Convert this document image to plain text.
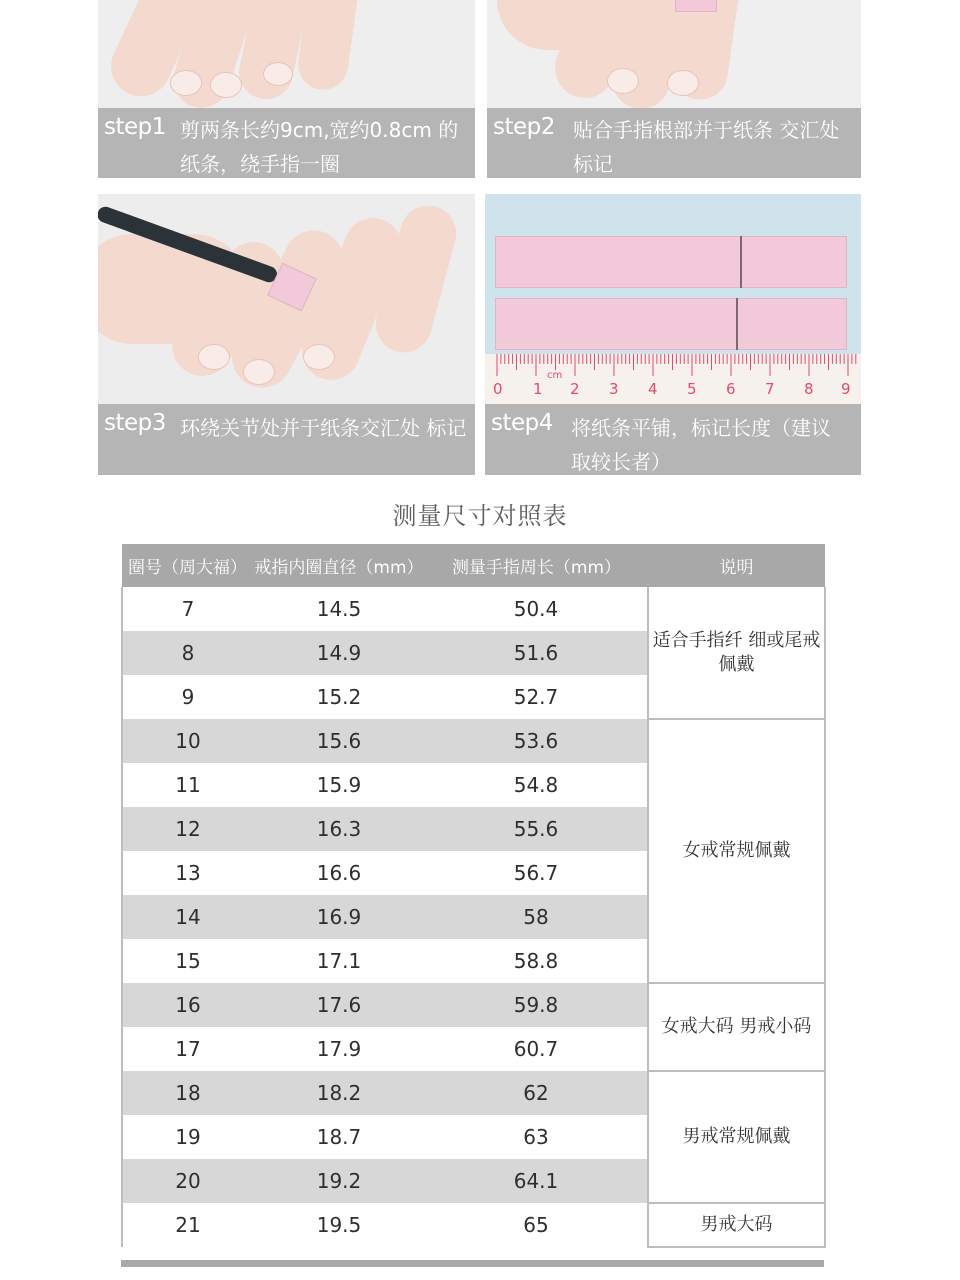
step1 剪两条长约9cm,宽约0.8cm 的纸条，绕手指一圈
step2 贴合手指根部并于纸条 交汇处标记
step3 环绕关节处并于纸条交汇处 标记
0 1
cm
2 3 4 5 6 7 8 9
step4 将纸条平铺，标记长度（建议 取较长者）
测量尺寸对照表
圈号（周大福）	戒指内圈直径（mm）	测量手指周长（mm）	说明
7	14.5	50.4	适合手指纤 细或尾戒佩戴
8	14.9	51.6	
9	15.2	52.7	
10	15.6	53.6	女戒常规佩戴
11	15.9	54.8	
12	16.3	55.6	
13	16.6	56.7	
14	16.9	58	
15	17.1	58.8	
16	17.6	59.8	女戒大码 男戒小码
17	17.9	60.7	
18	18.2	62	男戒常规佩戴
19	18.7	63	
20	19.2	64.1	
21	19.5	65	男戒大码
